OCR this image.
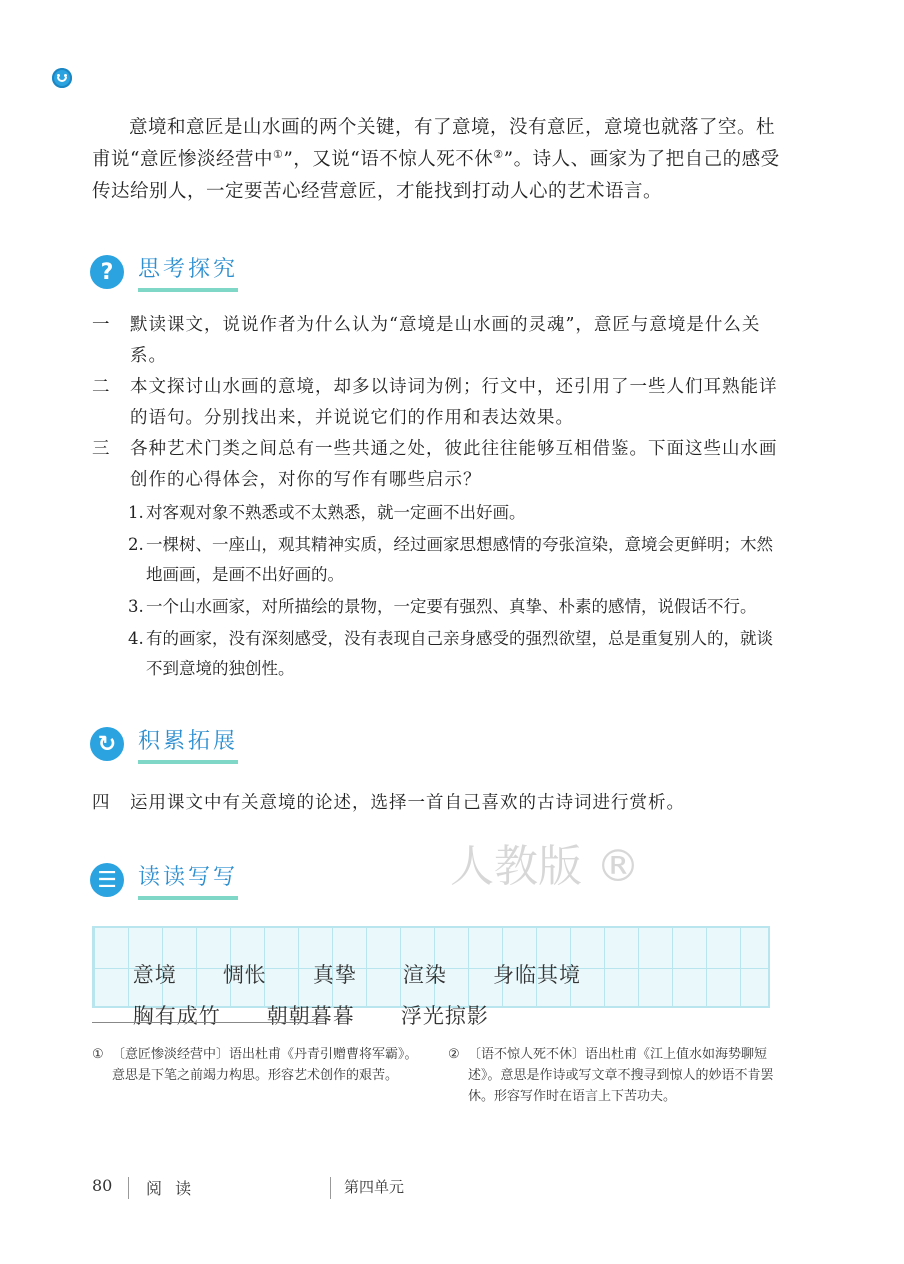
意境和意匠是山水画的两个关键，有了意境，没有意匠，意境也就落了空。杜甫说“意匠惨淡经营中①”，又说“语不惊人死不休②”。诗人、画家为了把自己的感受传达给别人，一定要苦心经营意匠，才能找到打动人心的艺术语言。

?	思考探究
一 默读课文，说说作者为什么认为“意境是山水画的灵魂”，意匠与意境是什么关系。
二 本文探讨山水画的意境，却多以诗词为例；行文中，还引用了一些人们耳熟能详的语句。分别找出来，并说说它们的作用和表达效果。
三 各种艺术门类之间总有一些共通之处，彼此往往能够互相借鉴。下面这些山水画创作的心得体会，对你的写作有哪些启示？
1. 对客观对象不熟悉或不太熟悉，就一定画不出好画。
2. 一棵树、一座山，观其精神实质，经过画家思想感情的夸张渲染，意境会更鲜明；木然地画画，是画不出好画的。
3. 一个山水画家，对所描绘的景物，一定要有强烈、真挚、朴素的感情，说假话不行。
4. 有的画家，没有深刻感受，没有表现自己亲身感受的强烈欲望，总是重复别人的，就谈不到意境的独创性。
↻ 积累拓展
四 运用课文中有关意境的论述，选择一首自己喜欢的古诗词进行赏析。
人教版 ®
☰ 读读写写

意境 惆怅 真挚 渲染 身临其境

胸有成竹 朝朝暮暮 浮光掠影

① 〔意匠惨淡经营中〕语出杜甫《丹青引赠曹将军霸》。意思是下笔之前竭力构思。形容艺术创作的艰苦。
② 〔语不惊人死不休〕语出杜甫《江上值水如海势聊短述》。意思是作诗或写文章不搜寻到惊人的妙语不肯罢休。形容写作时在语言上下苦功夫。
80 阅 读	第四单元
